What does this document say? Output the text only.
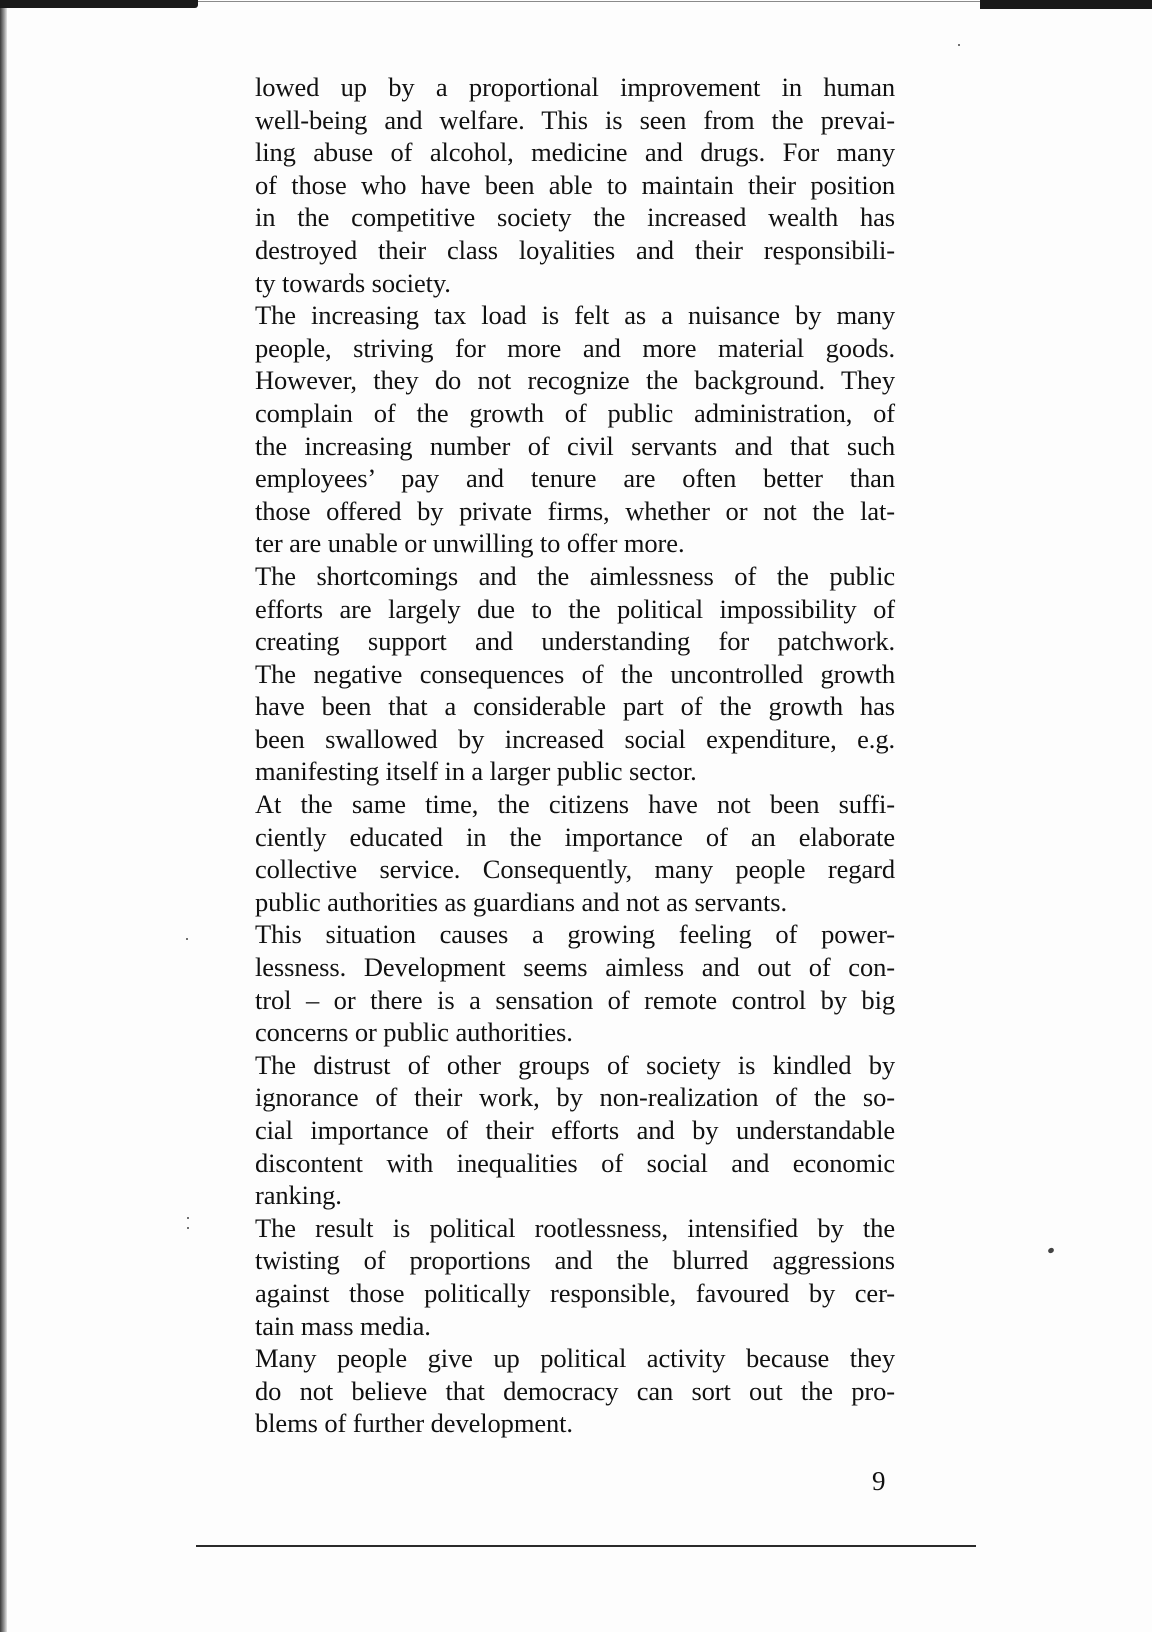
lowed up by a proportional improvement in human
well-being and welfare. This is seen from the prevai-
ling abuse of alcohol, medicine and drugs. For many
of those who have been able to maintain their position
in the competitive society the increased wealth has
destroyed their class loyalities and their responsibili-
ty towards society.
The increasing tax load is felt as a nuisance by many
people, striving for more and more material goods.
However, they do not recognize the background. They
complain of the growth of public administration, of
the increasing number of civil servants and that such
employees’ pay and tenure are often better than
those offered by private firms, whether or not the lat-
ter are unable or unwilling to offer more.
The shortcomings and the aimlessness of the public
efforts are largely due to the political impossibility of
creating support and understanding for patchwork.
The negative consequences of the uncontrolled growth
have been that a considerable part of the growth has
been swallowed by increased social expenditure, e.g.
manifesting itself in a larger public sector.
At the same time, the citizens have not been suffi-
ciently educated in the importance of an elaborate
collective service. Consequently, many people regard
public authorities as guardians and not as servants.
This situation causes a growing feeling of power-
lessness. Development seems aimless and out of con-
trol – or there is a sensation of remote control by big
concerns or public authorities.
The distrust of other groups of society is kindled by
ignorance of their work, by non-realization of the so-
cial importance of their efforts and by understandable
discontent with inequalities of social and economic
ranking.
The result is political rootlessness, intensified by the
twisting of proportions and the blurred aggressions
against those politically responsible, favoured by cer-
tain mass media.
Many people give up political activity because they
do not believe that democracy can sort out the pro-
blems of further development.
9
